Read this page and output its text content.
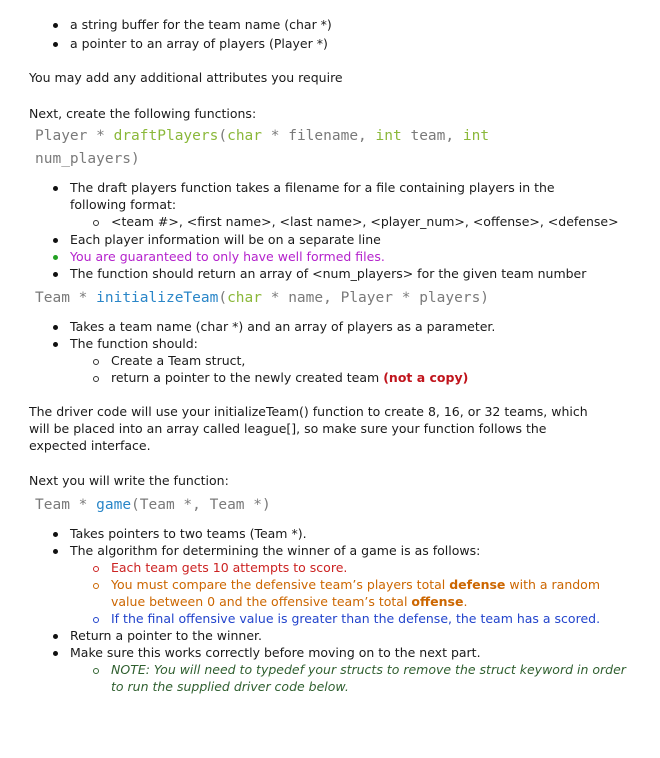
a string buffer for the team name (char *)
a pointer to an array of players (Player *)
You may add any additional attributes you require
Next, create the following functions:
Player * draftPlayers(char * filename, int team, int
num_players)
The draft players function takes a filename for a file containing players in the
following format:
<team #>, <first name>, <last name>, <player_num>, <offense>, <defense>
Each player information will be on a separate line
You are guaranteed to only have well formed files.
The function should return an array of <num_players> for the given team number
Team * initializeTeam(char * name, Player * players)
Takes a team name (char *) and an array of players as a parameter.
The function should:
Create a Team struct,
return a pointer to the newly created team (not a copy)
The driver code will use your initializeTeam() function to create 8, 16, or 32 teams, which
will be placed into an array called league[], so make sure your function follows the
expected interface.
Next you will write the function:
Team * game(Team *, Team *)
Takes pointers to two teams (Team *).
The algorithm for determining the winner of a game is as follows:
Each team gets 10 attempts to score.
You must compare the defensive team’s players total defense with a random
value between 0 and the offensive team’s total offense.
If the final offensive value is greater than the defense, the team has a scored.
Return a pointer to the winner.
Make sure this works correctly before moving on to the next part.
NOTE: You will need to typedef your structs to remove the struct keyword in order
to run the supplied driver code below.
